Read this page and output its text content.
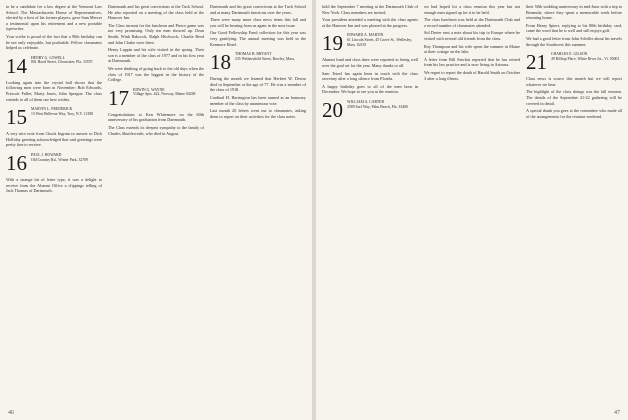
to be a candidate for a law degree at the Vermont Law School. The Massachusetts House of Representatives, elected by a host of his former players, gave Sam Mercer a testimonial upon his retirement and a new portable typewriter.

Your scribe is proud of the fact that a 90th birthday can be not only enjoyable, but profitable. Fellow classmates helped us celebrate.

14 HENRY G. LOWELL
801 Hood Street, Clearwater, Fla. 33570

Looking again into the crystal ball shows that the following men were born in November: Bob Edwards, Prescott Fuller, Marty Jones, John Sprague. The class extends to all of them our best wishes.

15 MARVIN L. FREDERICK
13 West Bellevue Way, Troy, N.Y. 12180

A very nice note from Chuck Ingram in answer to Dick Holliday greeting acknowledged that said greetings were pretty fine to receive.

16 PAUL J. HOWARD
Old Country Rd., Winter Park, 32789

With a strange bit of letter type, it was a delight to receive from the Alumni Office a clippings telling of Jack Thomas of Dartmouth.

Dartmouth and his great convictions at the Tuck School. He also reported on a meeting of the class held at the Hanover Inn.

The Class turnout for the luncheon and Pierce game was not very promising. Only ten men showed up. Dean Smith, Wink Babcock, Ralph Hitchcock, Charlie Reed and John Clarke were there.

Henry Lappin and his wife visited in the spring. Their son is a member of the class of 1977 and in his first year at Dartmouth.

We were thinking of going back to the old days when the class of 1917 was the biggest in the history of the College.

17 EDWIN G. WAYNE
Village Apts. #22, Norway, Maine 04268

Congratulations to Ken Whitemore on the 60th anniversary of his graduation from Dartmouth.

The Class extends its deepest sympathy to the family of Charles Shuttleworth, who died in August.

Dartmouth and his great convictions at the Tuck School and at many Dartmouth functions over the years.

There were many more class news items this fall and you will be hearing from us again in the next issue.

Our Good Fellowship Fund collection for this year was very gratifying. The annual meeting was held in the Kenmore Hotel.

18 THOMAS B. BRYANT
235 Wethersfield Street, Rowley, Mass.

During the month we learned that Herbert W. Dewar died in September at the age of 77. He was a member of the class of 1918.

Cardinal H. Harrington has been named as an honorary member of the class by unanimous vote.

Last month 20 letters went out to classmates, asking them to report on their activities for the class notes.

46

hold the September 7 meeting at the Dartmouth Club of New York. Class members are invited.

Your president attended a meeting with the class agents at the Hanover Inn and was pleased at the progress.

19 EDWARD A. MARTIN
61 Lincoln Street, 45 Grove St., Wellesley, Mass. 02181

Alumni fund and class dues were reported as being well over the goal set for the year. Many thanks to all.

Sam Tetzel has again been in touch with the class secretary after a long silence from Florida.

A happy birthday goes to all of the men born in December. We hope to see you at the reunion.

20 WILLIAM A. CARTER
2589 Surf Way, Palm Beach, Fla. 33480

we had hoped for a class reunion this year but not enough men signed up for it to be held.

The class luncheon was held at the Dartmouth Club and a record number of classmates attended.

Sid Dreier sent a note about his trip to Europe where he visited with several old friends from the class.

Roy Thompson and his wife spent the summer in Maine at their cottage on the lake.

A letter from Bill Sinclair reported that he has retired from his law practice and is now living in Arizona.

We regret to report the death of Harold Smith on October 3 after a long illness.

their 50th wedding anniversary in mid-June with a trip to Bermuda, where they spent a memorable week before returning home.

From Henry Spiers, replying to his 80th birthday card, came the word that he is well and still enjoys golf.

We had a good letter from John Schiller about his travels through the Southwest this summer.

21 CHARLES E. GILSON
49 Hilltop Place, White River Jct., Vt. 05001

Class news is scarce this month but we will report whatever we hear.

The highlight of the class doings was the fall reunion. The details of the September 21-22 gathering will be covered in detail.

A special thank you goes to the committee who made all of the arrangements for the reunion weekend.

47
